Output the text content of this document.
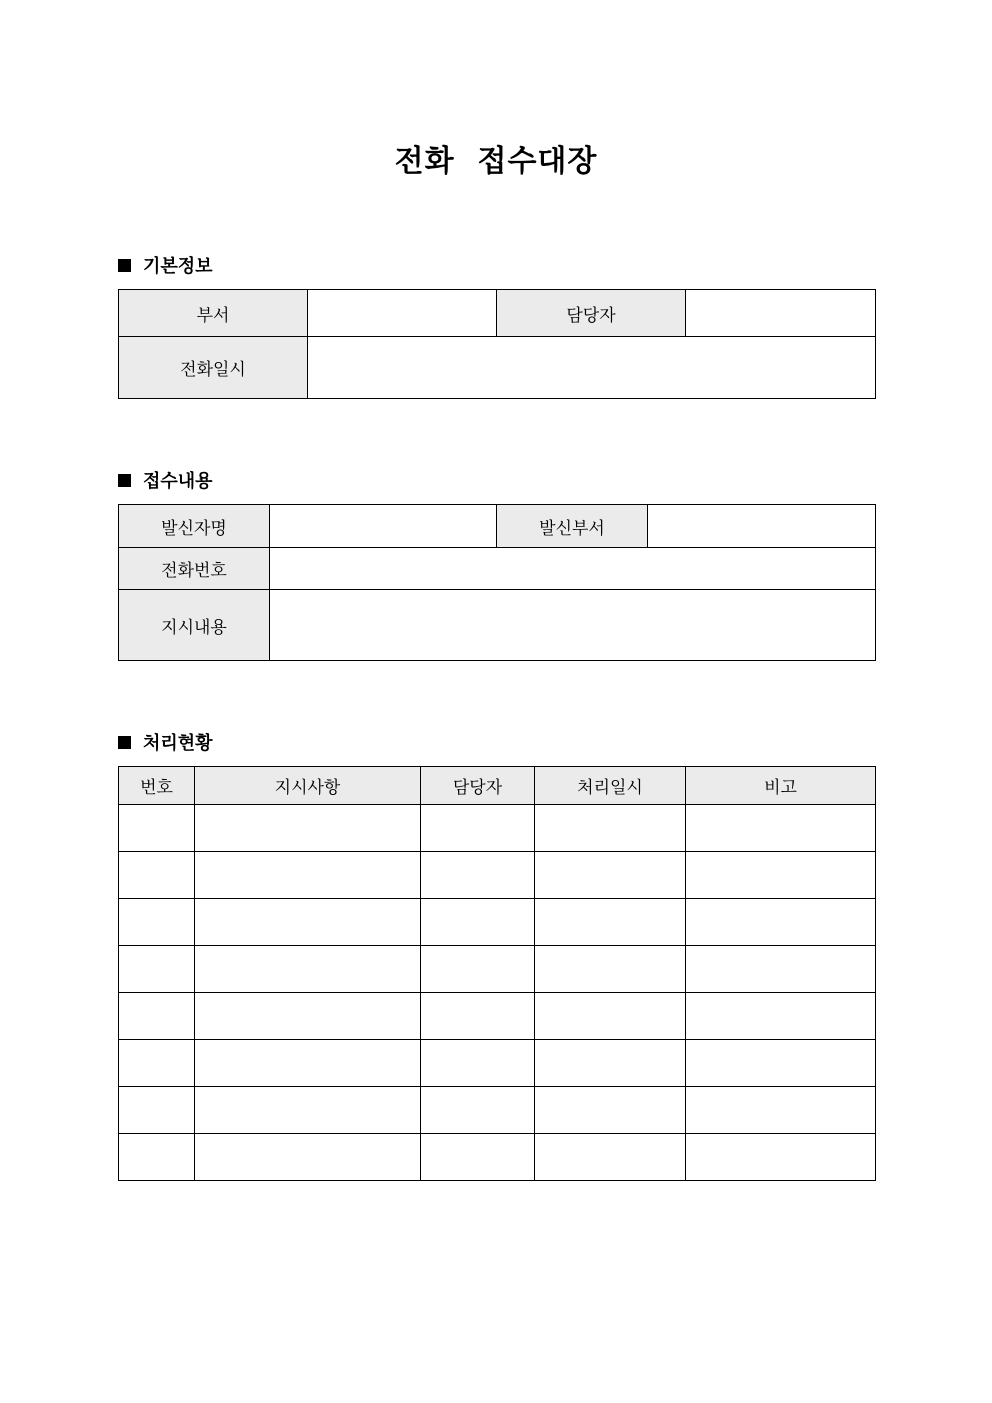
전화  접수대장
기본정보
부서		담당자	
전화일시			
접수내용
발신자명		발신부서	
전화번호			
지시내용			
처리현황
번호	지시사항	담당자	처리일시	비고
